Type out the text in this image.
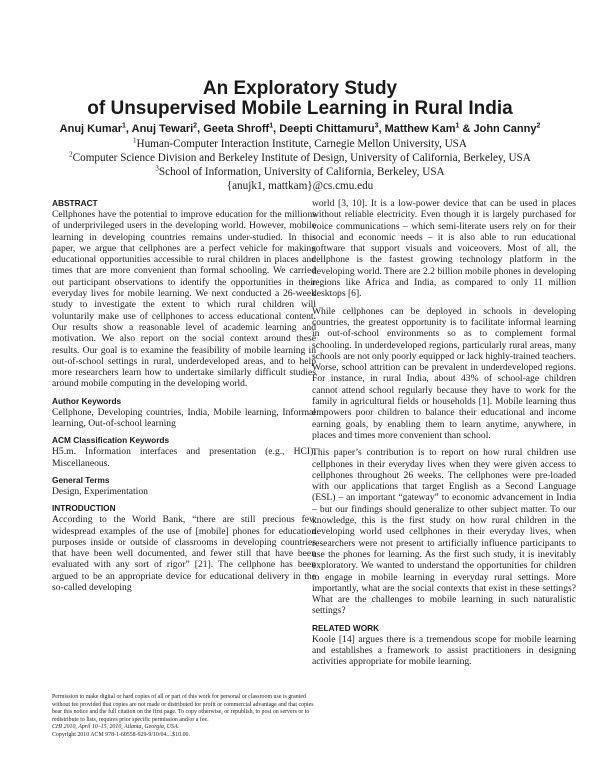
An Exploratory Study
of Unsupervised Mobile Learning in Rural India
Anuj Kumar$^1$, Anuj Tewari$^2$, Geeta Shroff$^1$, Deepti Chittamuru$^3$, Matthew Kam$^1$ & John Canny$^2$
$^1$Human-Computer Interaction Institute, Carnegie Mellon University, USA
$^2$Computer Science Division and Berkeley Institute of Design, University of California, Berkeley, USA
$^3$School of Information, University of California, Berkeley, USA
{anujk1, mattkam}@cs.cmu.edu
ABSTRACT

Cellphones have the potential to improve education for the millions of underprivileged users in the developing world. However, mobile learning in developing countries remains under-studied. In this paper, we argue that cellphones are a perfect vehicle for making educational opportunities accessible to rural children in places and times that are more convenient than formal schooling. We carried out participant observations to identify the opportunities in their everyday lives for mobile learning. We next conducted a 26-week study to investigate the extent to which rural children will voluntarily make use of cellphones to access educational content. Our results show a reasonable level of academic learning and motivation. We also report on the social context around these results. Our goal is to examine the feasibility of mobile learning in out-of-school settings in rural, underdeveloped areas, and to help more researchers learn how to undertake similarly difficult studies around mobile computing in the developing world.

Author Keywords

Cellphone, Developing countries, India, Mobile learning, Informal learning, Out-of-school learning

ACM Classification Keywords

H5.m. Information interfaces and presentation (e.g., HCI): Miscellaneous.

General Terms

Design, Experimentation

INTRODUCTION

According to the World Bank, “there are still precious few widespread examples of the use of [mobile] phones for education purposes inside or outside of classrooms in developing countries that have been well documented, and fewer still that have been evaluated with any sort of rigor” [21]. The cellphone has been argued to be an appropriate device for educational delivery in the so-called developing

Permission to make digital or hard copies of all or part of this work for personal or classroom use is granted without fee provided that copies are not made or distributed for profit or commercial advantage and that copies bear this notice and the full citation on the first page. To copy otherwise, or republish, to post on servers or to redistribute to lists, requires prior specific permission and/or a fee.

CHI 2010, April 10–15, 2010, Atlanta, Georgia, USA.

Copyright 2010 ACM 978-1-60558-929-9/10/04....$10.00.

world [3, 10]. It is a low-power device that can be used in places without reliable electricity. Even though it is largely purchased for voice communications – which semi-literate users rely on for their social and economic needs – it is also able to run educational software that support visuals and voiceovers. Most of all, the cellphone is the fastest growing technology platform in the developing world. There are 2.2 billion mobile phones in developing regions like Africa and India, as compared to only 11 million desktops [6].

While cellphones can be deployed in schools in developing countries, the greatest opportunity is to facilitate informal learning in out-of-school environments so as to complement formal schooling. In underdeveloped regions, particularly rural areas, many schools are not only poorly equipped or lack highly-trained teachers. Worse, school attrition can be prevalent in underdeveloped regions. For instance, in rural India, about 43% of school-age children cannot attend school regularly because they have to work for the family in agricultural fields or households [1]. Mobile learning thus empowers poor children to balance their educational and income earning goals, by enabling them to learn anytime, anywhere, in places and times more convenient than school.

This paper’s contribution is to report on how rural children use cellphones in their everyday lives when they were given access to cellphones throughout 26 weeks. The cellphones were pre-loaded with our applications that target English as a Second Language (ESL) – an important “gateway” to economic advancement in India – but our findings should generalize to other subject matter. To our knowledge, this is the first study on how rural children in the developing world used cellphones in their everyday lives, when researchers were not present to artificially influence participants to use the phones for learning. As the first such study, it is inevitably exploratory. We wanted to understand the opportunities for children to engage in mobile learning in everyday rural settings. More importantly, what are the social contexts that exist in these settings? What are the challenges to mobile learning in such naturalistic settings?

RELATED WORK

Koole [14] argues there is a tremendous scope for mobile learning and establishes a framework to assist practitioners in designing activities appropriate for mobile learning.
